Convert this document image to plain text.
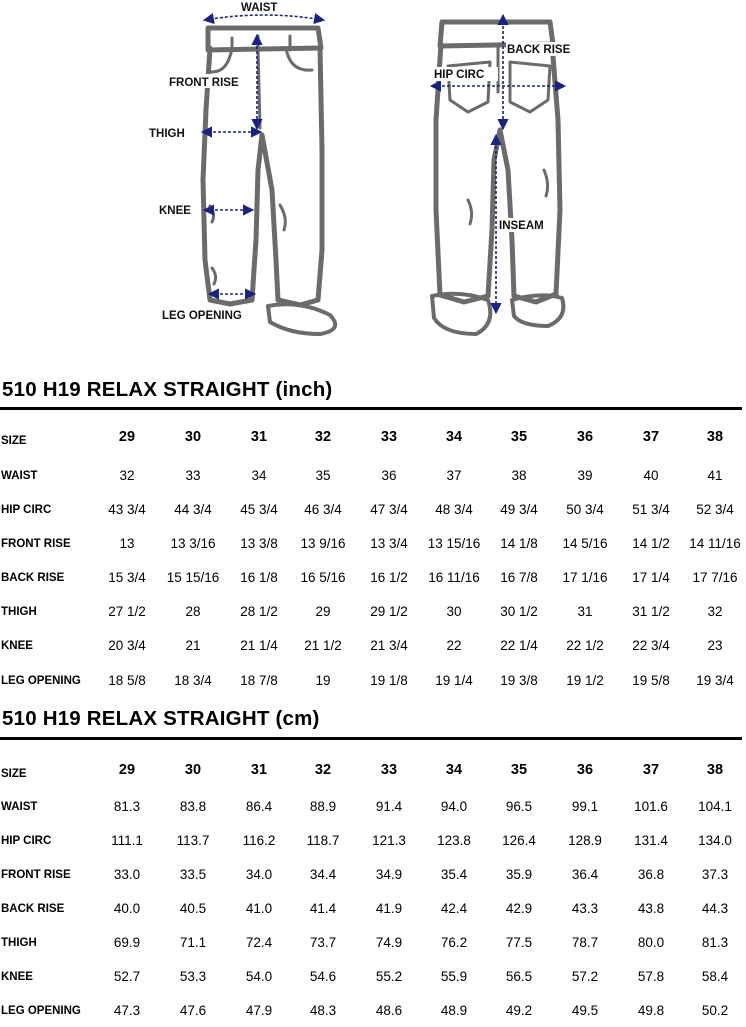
WAIST
FRONT RISE
THIGH
KNEE
LEG OPENING
BACK RISE
HIP CIRC
INSEAM
510 H19 RELAX STRAIGHT (inch)
SIZE	29	30	31	32	33	34	35	36	37	38
WAIST	32	33	34	35	36	37	38	39	40	41
HIP CIRC	43 3/4	44 3/4	45 3/4	46 3/4	47 3/4	48 3/4	49 3/4	50 3/4	51 3/4	52 3/4
FRONT RISE	13	13 3/16	13 3/8	13 9/16	13 3/4	13 15/16	14 1/8	14 5/16	14 1/2	14 11/16
BACK RISE	15 3/4	15 15/16	16 1/8	16 5/16	16 1/2	16 11/16	16 7/8	17 1/16	17 1/4	17 7/16
THIGH	27 1/2	28	28 1/2	29	29 1/2	30	30 1/2	31	31 1/2	32
KNEE	20 3/4	21	21 1/4	21 1/2	21 3/4	22	22 1/4	22 1/2	22 3/4	23
LEG OPENING	18 5/8	18 3/4	18 7/8	19	19 1/8	19 1/4	19 3/8	19 1/2	19 5/8	19 3/4
510 H19 RELAX STRAIGHT (cm)
SIZE	29	30	31	32	33	34	35	36	37	38
WAIST	81.3	83.8	86.4	88.9	91.4	94.0	96.5	99.1	101.6	104.1
HIP CIRC	111.1	113.7	116.2	118.7	121.3	123.8	126.4	128.9	131.4	134.0
FRONT RISE	33.0	33.5	34.0	34.4	34.9	35.4	35.9	36.4	36.8	37.3
BACK RISE	40.0	40.5	41.0	41.4	41.9	42.4	42.9	43.3	43.8	44.3
THIGH	69.9	71.1	72.4	73.7	74.9	76.2	77.5	78.7	80.0	81.3
KNEE	52.7	53.3	54.0	54.6	55.2	55.9	56.5	57.2	57.8	58.4
LEG OPENING	47.3	47.6	47.9	48.3	48.6	48.9	49.2	49.5	49.8	50.2
